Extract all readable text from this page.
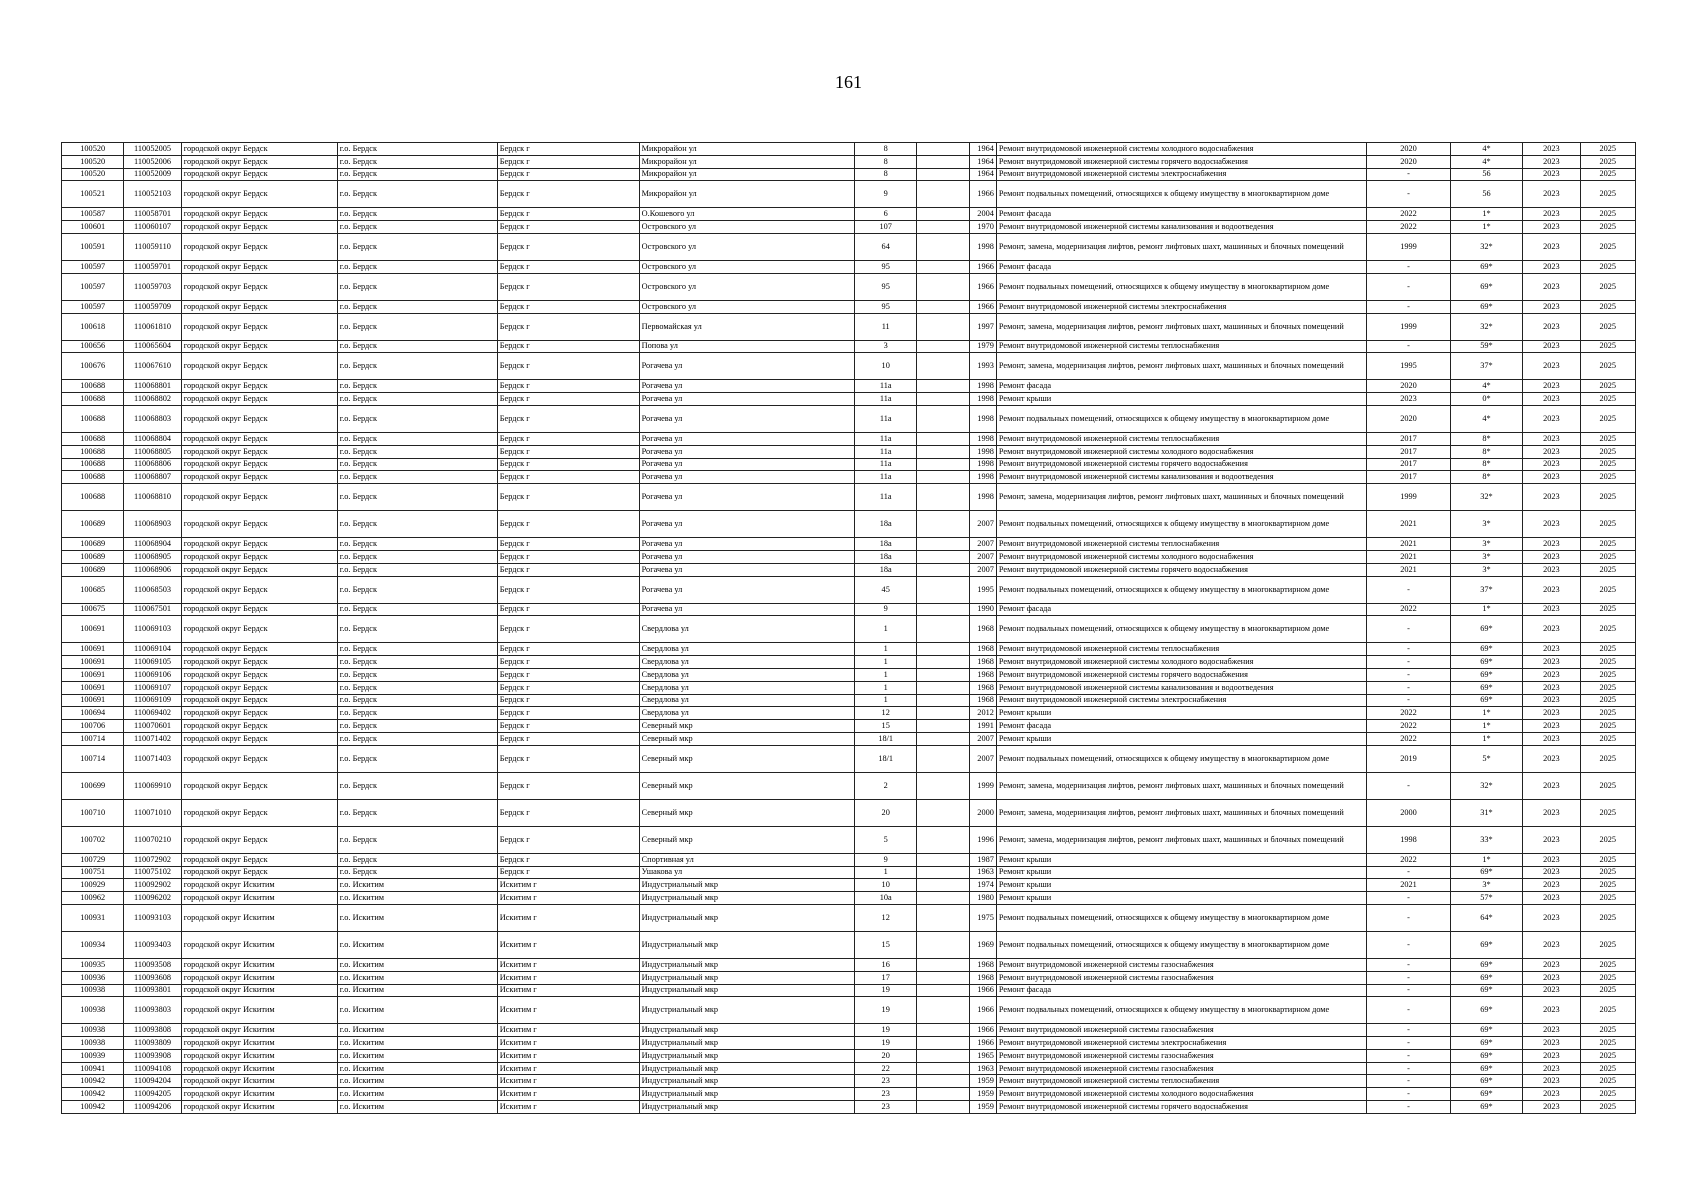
161
100520	110052005	городской округ Бердск	г.о. Бердск	Бердск г	Микрорайон ул	8		1964	Ремонт внутридомовой инженерной системы холодного водоснабжения	2020	4*	2023	2025
100520	110052006	городской округ Бердск	г.о. Бердск	Бердск г	Микрорайон ул	8		1964	Ремонт внутридомовой инженерной системы горячего водоснабжения	2020	4*	2023	2025
100520	110052009	городской округ Бердск	г.о. Бердск	Бердск г	Микрорайон ул	8		1964	Ремонт внутридомовой инженерной системы электроснабжения	-	56	2023	2025
100521	110052103	городской округ Бердск	г.о. Бердск	Бердск г	Микрорайон ул	9		1966	Ремонт подвальных помещений, относящихся к общему имуществу в многоквартирном доме	-	56	2023	2025
100587	110058701	городской округ Бердск	г.о. Бердск	Бердск г	О.Кошевого ул	6		2004	Ремонт фасада	2022	1*	2023	2025
100601	110060107	городской округ Бердск	г.о. Бердск	Бердск г	Островского ул	107		1970	Ремонт внутридомовой инженерной системы канализования и водоотведения	2022	1*	2023	2025
100591	110059110	городской округ Бердск	г.о. Бердск	Бердск г	Островского ул	64		1998	Ремонт, замена, модернизация лифтов, ремонт лифтовых шахт, машинных и блочных помещений	1999	32*	2023	2025
100597	110059701	городской округ Бердск	г.о. Бердск	Бердск г	Островского ул	95		1966	Ремонт фасада	-	69*	2023	2025
100597	110059703	городской округ Бердск	г.о. Бердск	Бердск г	Островского ул	95		1966	Ремонт подвальных помещений, относящихся к общему имуществу в многоквартирном доме	-	69*	2023	2025
100597	110059709	городской округ Бердск	г.о. Бердск	Бердск г	Островского ул	95		1966	Ремонт внутридомовой инженерной системы электроснабжения	-	69*	2023	2025
100618	110061810	городской округ Бердск	г.о. Бердск	Бердск г	Первомайская ул	11		1997	Ремонт, замена, модернизация лифтов, ремонт лифтовых шахт, машинных и блочных помещений	1999	32*	2023	2025
100656	110065604	городской округ Бердск	г.о. Бердск	Бердск г	Попова ул	3		1979	Ремонт внутридомовой инженерной системы теплоснабжения	-	59*	2023	2025
100676	110067610	городской округ Бердск	г.о. Бердск	Бердск г	Рогачева ул	10		1993	Ремонт, замена, модернизация лифтов, ремонт лифтовых шахт, машинных и блочных помещений	1995	37*	2023	2025
100688	110068801	городской округ Бердск	г.о. Бердск	Бердск г	Рогачева ул	11а		1998	Ремонт фасада	2020	4*	2023	2025
100688	110068802	городской округ Бердск	г.о. Бердск	Бердск г	Рогачева ул	11а		1998	Ремонт крыши	2023	0*	2023	2025
100688	110068803	городской округ Бердск	г.о. Бердск	Бердск г	Рогачева ул	11а		1998	Ремонт подвальных помещений, относящихся к общему имуществу в многоквартирном доме	2020	4*	2023	2025
100688	110068804	городской округ Бердск	г.о. Бердск	Бердск г	Рогачева ул	11а		1998	Ремонт внутридомовой инженерной системы теплоснабжения	2017	8*	2023	2025
100688	110068805	городской округ Бердск	г.о. Бердск	Бердск г	Рогачева ул	11а		1998	Ремонт внутридомовой инженерной системы холодного водоснабжения	2017	8*	2023	2025
100688	110068806	городской округ Бердск	г.о. Бердск	Бердск г	Рогачева ул	11а		1998	Ремонт внутридомовой инженерной системы горячего водоснабжения	2017	8*	2023	2025
100688	110068807	городской округ Бердск	г.о. Бердск	Бердск г	Рогачева ул	11а		1998	Ремонт внутридомовой инженерной системы канализования и водоотведения	2017	8*	2023	2025
100688	110068810	городской округ Бердск	г.о. Бердск	Бердск г	Рогачева ул	11а		1998	Ремонт, замена, модернизация лифтов, ремонт лифтовых шахт, машинных и блочных помещений	1999	32*	2023	2025
100689	110068903	городской округ Бердск	г.о. Бердск	Бердск г	Рогачева ул	18а		2007	Ремонт подвальных помещений, относящихся к общему имуществу в многоквартирном доме	2021	3*	2023	2025
100689	110068904	городской округ Бердск	г.о. Бердск	Бердск г	Рогачева ул	18а		2007	Ремонт внутридомовой инженерной системы теплоснабжения	2021	3*	2023	2025
100689	110068905	городской округ Бердск	г.о. Бердск	Бердск г	Рогачева ул	18а		2007	Ремонт внутридомовой инженерной системы холодного водоснабжения	2021	3*	2023	2025
100689	110068906	городской округ Бердск	г.о. Бердск	Бердск г	Рогачева ул	18а		2007	Ремонт внутридомовой инженерной системы горячего водоснабжения	2021	3*	2023	2025
100685	110068503	городской округ Бердск	г.о. Бердск	Бердск г	Рогачева ул	45		1995	Ремонт подвальных помещений, относящихся к общему имуществу в многоквартирном доме	-	37*	2023	2025
100675	110067501	городской округ Бердск	г.о. Бердск	Бердск г	Рогачева ул	9		1990	Ремонт фасада	2022	1*	2023	2025
100691	110069103	городской округ Бердск	г.о. Бердск	Бердск г	Свердлова ул	1		1968	Ремонт подвальных помещений, относящихся к общему имуществу в многоквартирном доме	-	69*	2023	2025
100691	110069104	городской округ Бердск	г.о. Бердск	Бердск г	Свердлова ул	1		1968	Ремонт внутридомовой инженерной системы теплоснабжения	-	69*	2023	2025
100691	110069105	городской округ Бердск	г.о. Бердск	Бердск г	Свердлова ул	1		1968	Ремонт внутридомовой инженерной системы холодного водоснабжения	-	69*	2023	2025
100691	110069106	городской округ Бердск	г.о. Бердск	Бердск г	Свердлова ул	1		1968	Ремонт внутридомовой инженерной системы горячего водоснабжения	-	69*	2023	2025
100691	110069107	городской округ Бердск	г.о. Бердск	Бердск г	Свердлова ул	1		1968	Ремонт внутридомовой инженерной системы канализования и водоотведения	-	69*	2023	2025
100691	110069109	городской округ Бердск	г.о. Бердск	Бердск г	Свердлова ул	1		1968	Ремонт внутридомовой инженерной системы электроснабжения	-	69*	2023	2025
100694	110069402	городской округ Бердск	г.о. Бердск	Бердск г	Свердлова ул	12		2012	Ремонт крыши	2022	1*	2023	2025
100706	110070601	городской округ Бердск	г.о. Бердск	Бердск г	Северный мкр	15		1991	Ремонт фасада	2022	1*	2023	2025
100714	110071402	городской округ Бердск	г.о. Бердск	Бердск г	Северный мкр	18/1		2007	Ремонт крыши	2022	1*	2023	2025
100714	110071403	городской округ Бердск	г.о. Бердск	Бердск г	Северный мкр	18/1		2007	Ремонт подвальных помещений, относящихся к общему имуществу в многоквартирном доме	2019	5*	2023	2025
100699	110069910	городской округ Бердск	г.о. Бердск	Бердск г	Северный мкр	2		1999	Ремонт, замена, модернизация лифтов, ремонт лифтовых шахт, машинных и блочных помещений	-	32*	2023	2025
100710	110071010	городской округ Бердск	г.о. Бердск	Бердск г	Северный мкр	20		2000	Ремонт, замена, модернизация лифтов, ремонт лифтовых шахт, машинных и блочных помещений	2000	31*	2023	2025
100702	110070210	городской округ Бердск	г.о. Бердск	Бердск г	Северный мкр	5		1996	Ремонт, замена, модернизация лифтов, ремонт лифтовых шахт, машинных и блочных помещений	1998	33*	2023	2025
100729	110072902	городской округ Бердск	г.о. Бердск	Бердск г	Спортивная ул	9		1987	Ремонт крыши	2022	1*	2023	2025
100751	110075102	городской округ Бердск	г.о. Бердск	Бердск г	Ушакова ул	1		1963	Ремонт крыши	-	69*	2023	2025
100929	110092902	городской округ Искитим	г.о. Искитим	Искитим г	Индустриальный мкр	10		1974	Ремонт крыши	2021	3*	2023	2025
100962	110096202	городской округ Искитим	г.о. Искитим	Искитим г	Индустриальный мкр	10а		1980	Ремонт крыши	-	57*	2023	2025
100931	110093103	городской округ Искитим	г.о. Искитим	Искитим г	Индустриальный мкр	12		1975	Ремонт подвальных помещений, относящихся к общему имуществу в многоквартирном доме	-	64*	2023	2025
100934	110093403	городской округ Искитим	г.о. Искитим	Искитим г	Индустриальный мкр	15		1969	Ремонт подвальных помещений, относящихся к общему имуществу в многоквартирном доме	-	69*	2023	2025
100935	110093508	городской округ Искитим	г.о. Искитим	Искитим г	Индустриальный мкр	16		1968	Ремонт внутридомовой инженерной системы газоснабжения	-	69*	2023	2025
100936	110093608	городской округ Искитим	г.о. Искитим	Искитим г	Индустриальный мкр	17		1968	Ремонт внутридомовой инженерной системы газоснабжения	-	69*	2023	2025
100938	110093801	городской округ Искитим	г.о. Искитим	Искитим г	Индустриальный мкр	19		1966	Ремонт фасада	-	69*	2023	2025
100938	110093803	городской округ Искитим	г.о. Искитим	Искитим г	Индустриальный мкр	19		1966	Ремонт подвальных помещений, относящихся к общему имуществу в многоквартирном доме	-	69*	2023	2025
100938	110093808	городской округ Искитим	г.о. Искитим	Искитим г	Индустриальный мкр	19		1966	Ремонт внутридомовой инженерной системы газоснабжения	-	69*	2023	2025
100938	110093809	городской округ Искитим	г.о. Искитим	Искитим г	Индустриальный мкр	19		1966	Ремонт внутридомовой инженерной системы электроснабжения	-	69*	2023	2025
100939	110093908	городской округ Искитим	г.о. Искитим	Искитим г	Индустриальный мкр	20		1965	Ремонт внутридомовой инженерной системы газоснабжения	-	69*	2023	2025
100941	110094108	городской округ Искитим	г.о. Искитим	Искитим г	Индустриальный мкр	22		1963	Ремонт внутридомовой инженерной системы газоснабжения	-	69*	2023	2025
100942	110094204	городской округ Искитим	г.о. Искитим	Искитим г	Индустриальный мкр	23		1959	Ремонт внутридомовой инженерной системы теплоснабжения	-	69*	2023	2025
100942	110094205	городской округ Искитим	г.о. Искитим	Искитим г	Индустриальный мкр	23		1959	Ремонт внутридомовой инженерной системы холодного водоснабжения	-	69*	2023	2025
100942	110094206	городской округ Искитим	г.о. Искитим	Искитим г	Индустриальный мкр	23		1959	Ремонт внутридомовой инженерной системы горячего водоснабжения	-	69*	2023	2025
